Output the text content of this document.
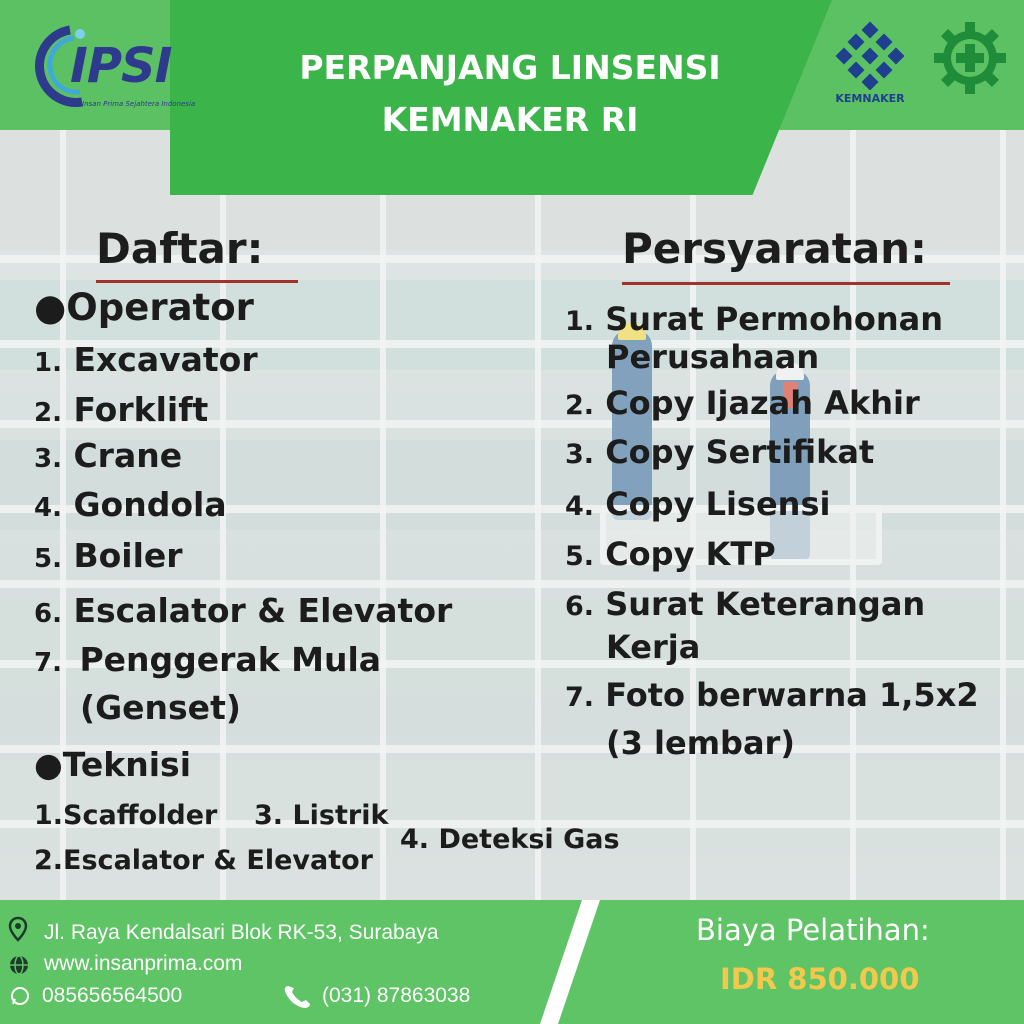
PERPANJANG LINSENSI
KEMNAKER RI
IPSI
Insan Prima Sejahtera Indonesia	KEMNAKER
Daftar:
●Operator
1. Excavator
2. Forklift
3. Crane
4. Gondola
5. Boiler
6. Escalator & Elevator
7. Penggerak Mula
(Genset)
●Teknisi
1.Scaffolder 3. Listrik
4. Deteksi Gas
2.Escalator & Elevator
Persyaratan:
1. Surat Permohonan
Perusahaan
2. Copy Ijazah Akhir
3. Copy Sertifikat
4. Copy Lisensi
5. Copy KTP
6. Surat Keterangan
Kerja
7. Foto berwarna 1,5x2
(3 lembar)
Jl. Raya Kendalsari Blok RK-53, Surabaya
www.insanprima.com
085656564500	(031) 87863038
Biaya Pelatihan:
IDR 850.000
